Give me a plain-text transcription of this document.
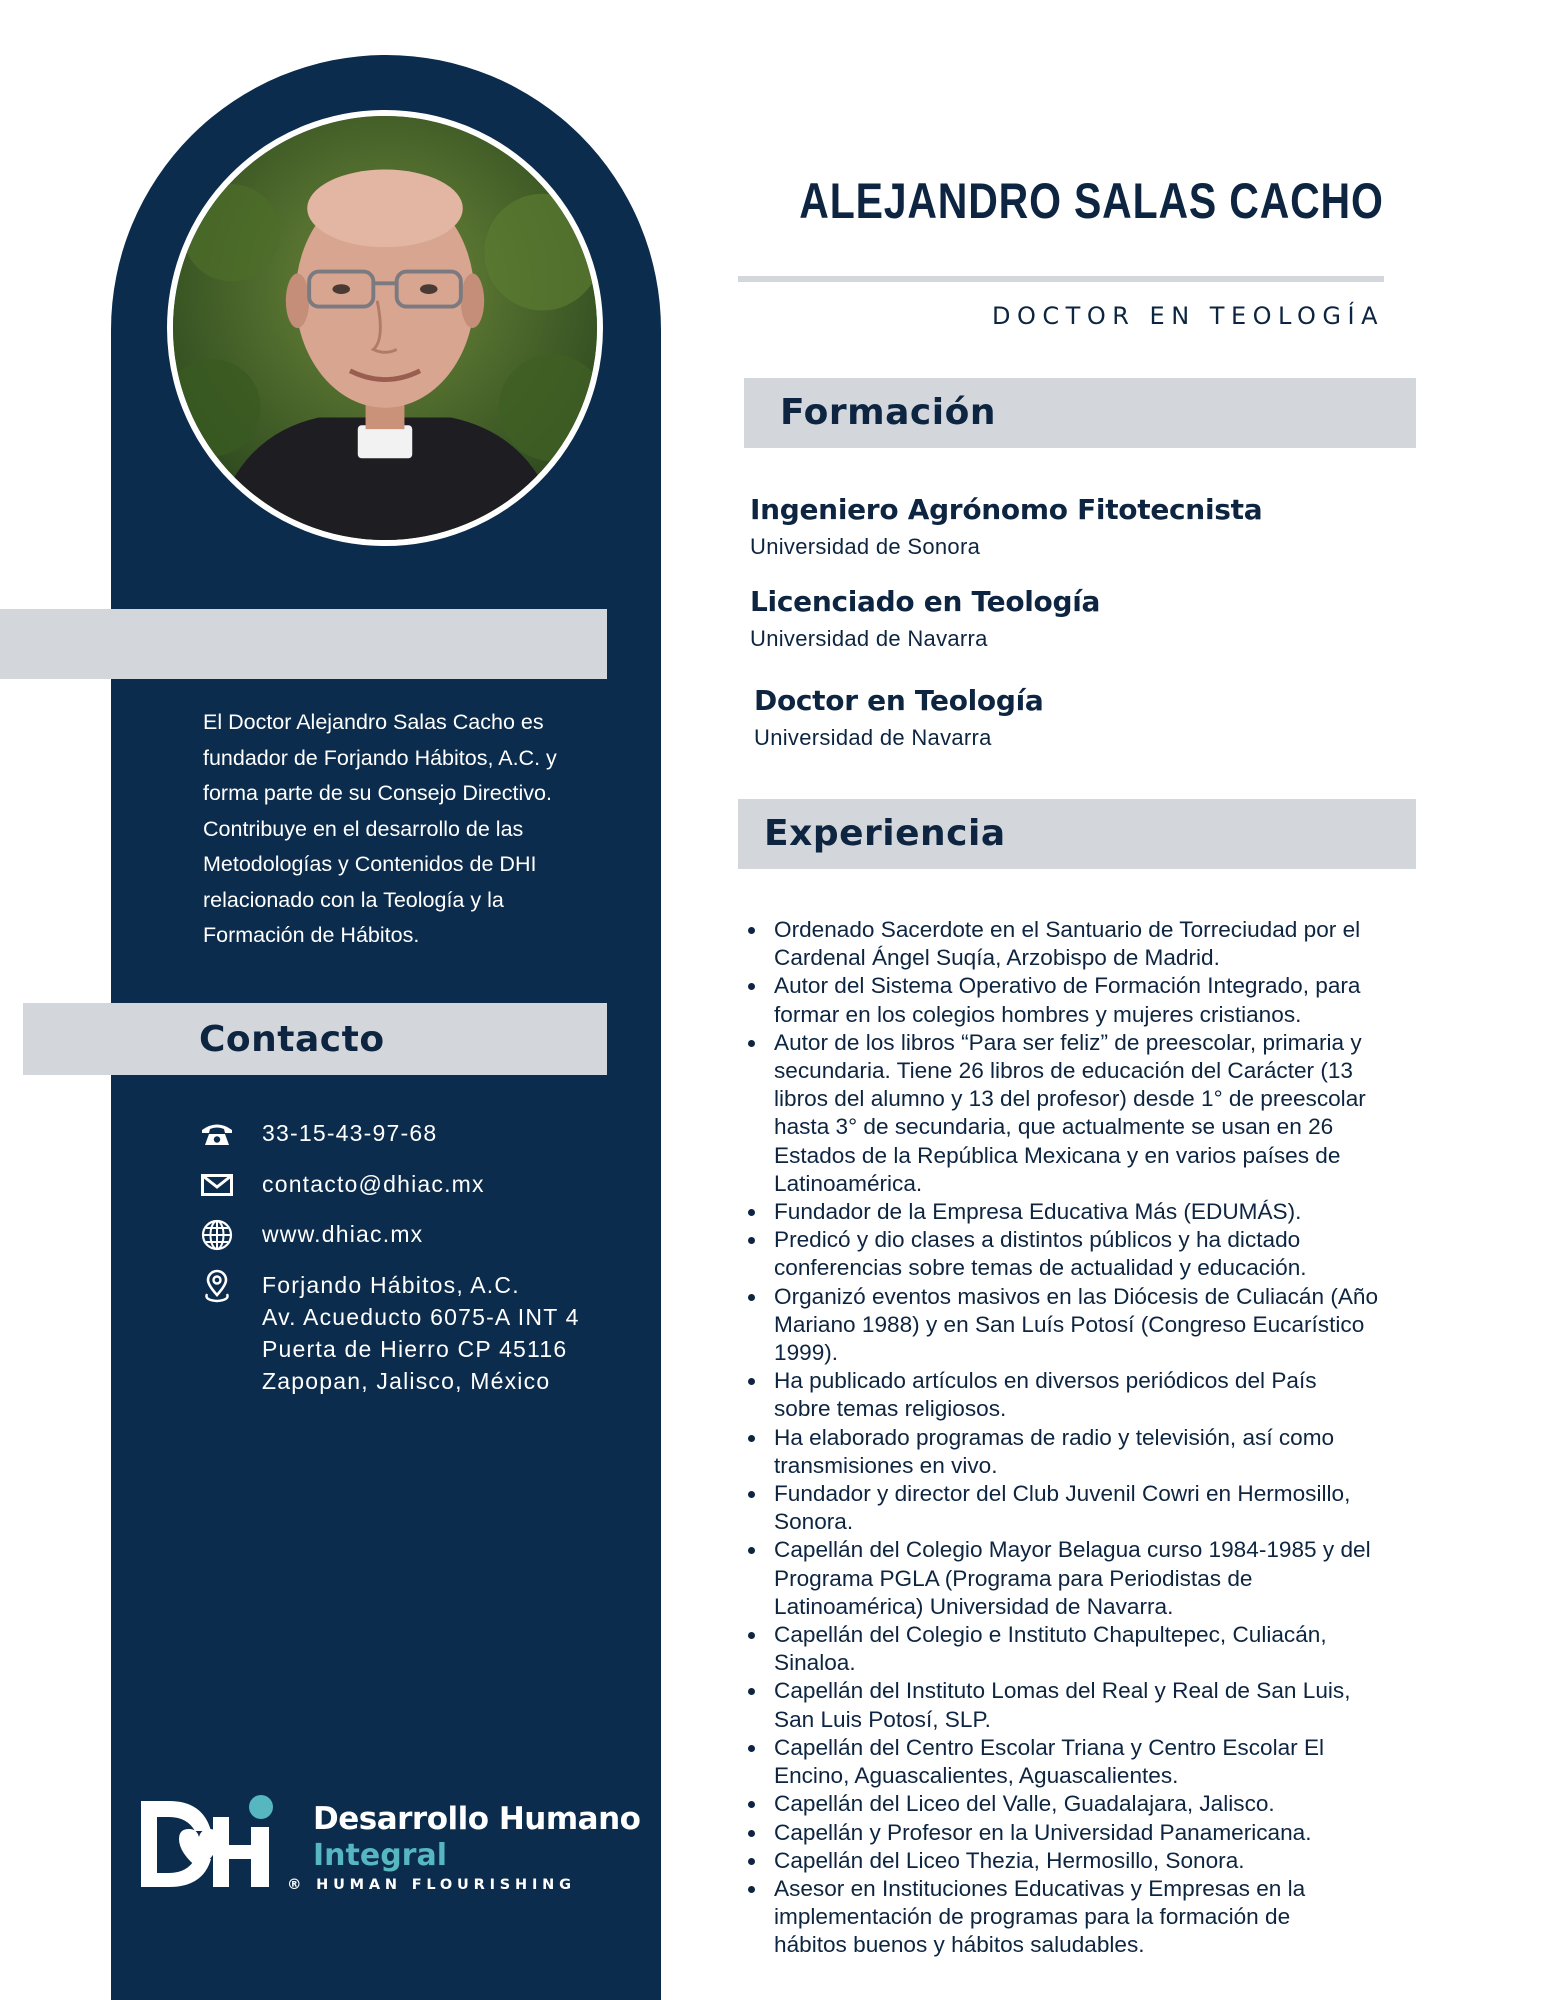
El Doctor Alejandro Salas Cacho es
fundador de Forjando Hábitos, A.C. y
forma parte de su Consejo Directivo.
Contribuye en el desarrollo de las
Metodologías y Contenidos de DHI
relacionado con la Teología y la
Formación de Hábitos.
Contacto
33-15-43-97-68
contacto@dhiac.mx
www.dhiac.mx
Forjando Hábitos, A.C.
Av. Acueducto 6075-A INT 4
Puerta de Hierro CP 45116
Zapopan, Jalisco, México
Desarrollo Humano
Integral
® HUMAN FLOURISHING
ALEJANDRO SALAS CACHO
DOCTOR EN TEOLOGÍA
Formación
Ingeniero Agrónomo Fitotecnista
Universidad de Sonora
Licenciado en Teología
Universidad de Navarra
Doctor en Teología
Universidad de Navarra
Experiencia
Ordenado Sacerdote en el Santuario de Torreciudad por el
Cardenal Ángel Suqía, Arzobispo de Madrid.
Autor del Sistema Operativo de Formación Integrado, para
formar en los colegios hombres y mujeres cristianos.
Autor de los libros “Para ser feliz” de preescolar, primaria y
secundaria. Tiene 26 libros de educación del Carácter (13
libros del alumno y 13 del profesor) desde 1° de preescolar
hasta 3° de secundaria, que actualmente se usan en 26
Estados de la República Mexicana y en varios países de
Latinoamérica.
Fundador de la Empresa Educativa Más (EDUMÁS).
Predicó y dio clases a distintos públicos y ha dictado
conferencias sobre temas de actualidad y educación.
Organizó eventos masivos en las Diócesis de Culiacán (Año
Mariano 1988) y en San Luís Potosí (Congreso Eucarístico
1999).
Ha publicado artículos en diversos periódicos del País
sobre temas religiosos.
Ha elaborado programas de radio y televisión, así como
transmisiones en vivo.
Fundador y director del Club Juvenil Cowri en Hermosillo,
Sonora.
Capellán del Colegio Mayor Belagua curso 1984-1985 y del
Programa PGLA (Programa para Periodistas de
Latinoamérica) Universidad de Navarra.
Capellán del Colegio e Instituto Chapultepec, Culiacán,
Sinaloa.
Capellán del Instituto Lomas del Real y Real de San Luis,
San Luis Potosí, SLP.
Capellán del Centro Escolar Triana y Centro Escolar El
Encino, Aguascalientes, Aguascalientes.
Capellán del Liceo del Valle, Guadalajara, Jalisco.
Capellán y Profesor en la Universidad Panamericana.
Capellán del Liceo Thezia, Hermosillo, Sonora.
Asesor en Instituciones Educativas y Empresas en la
implementación de programas para la formación de
hábitos buenos y hábitos saludables.
